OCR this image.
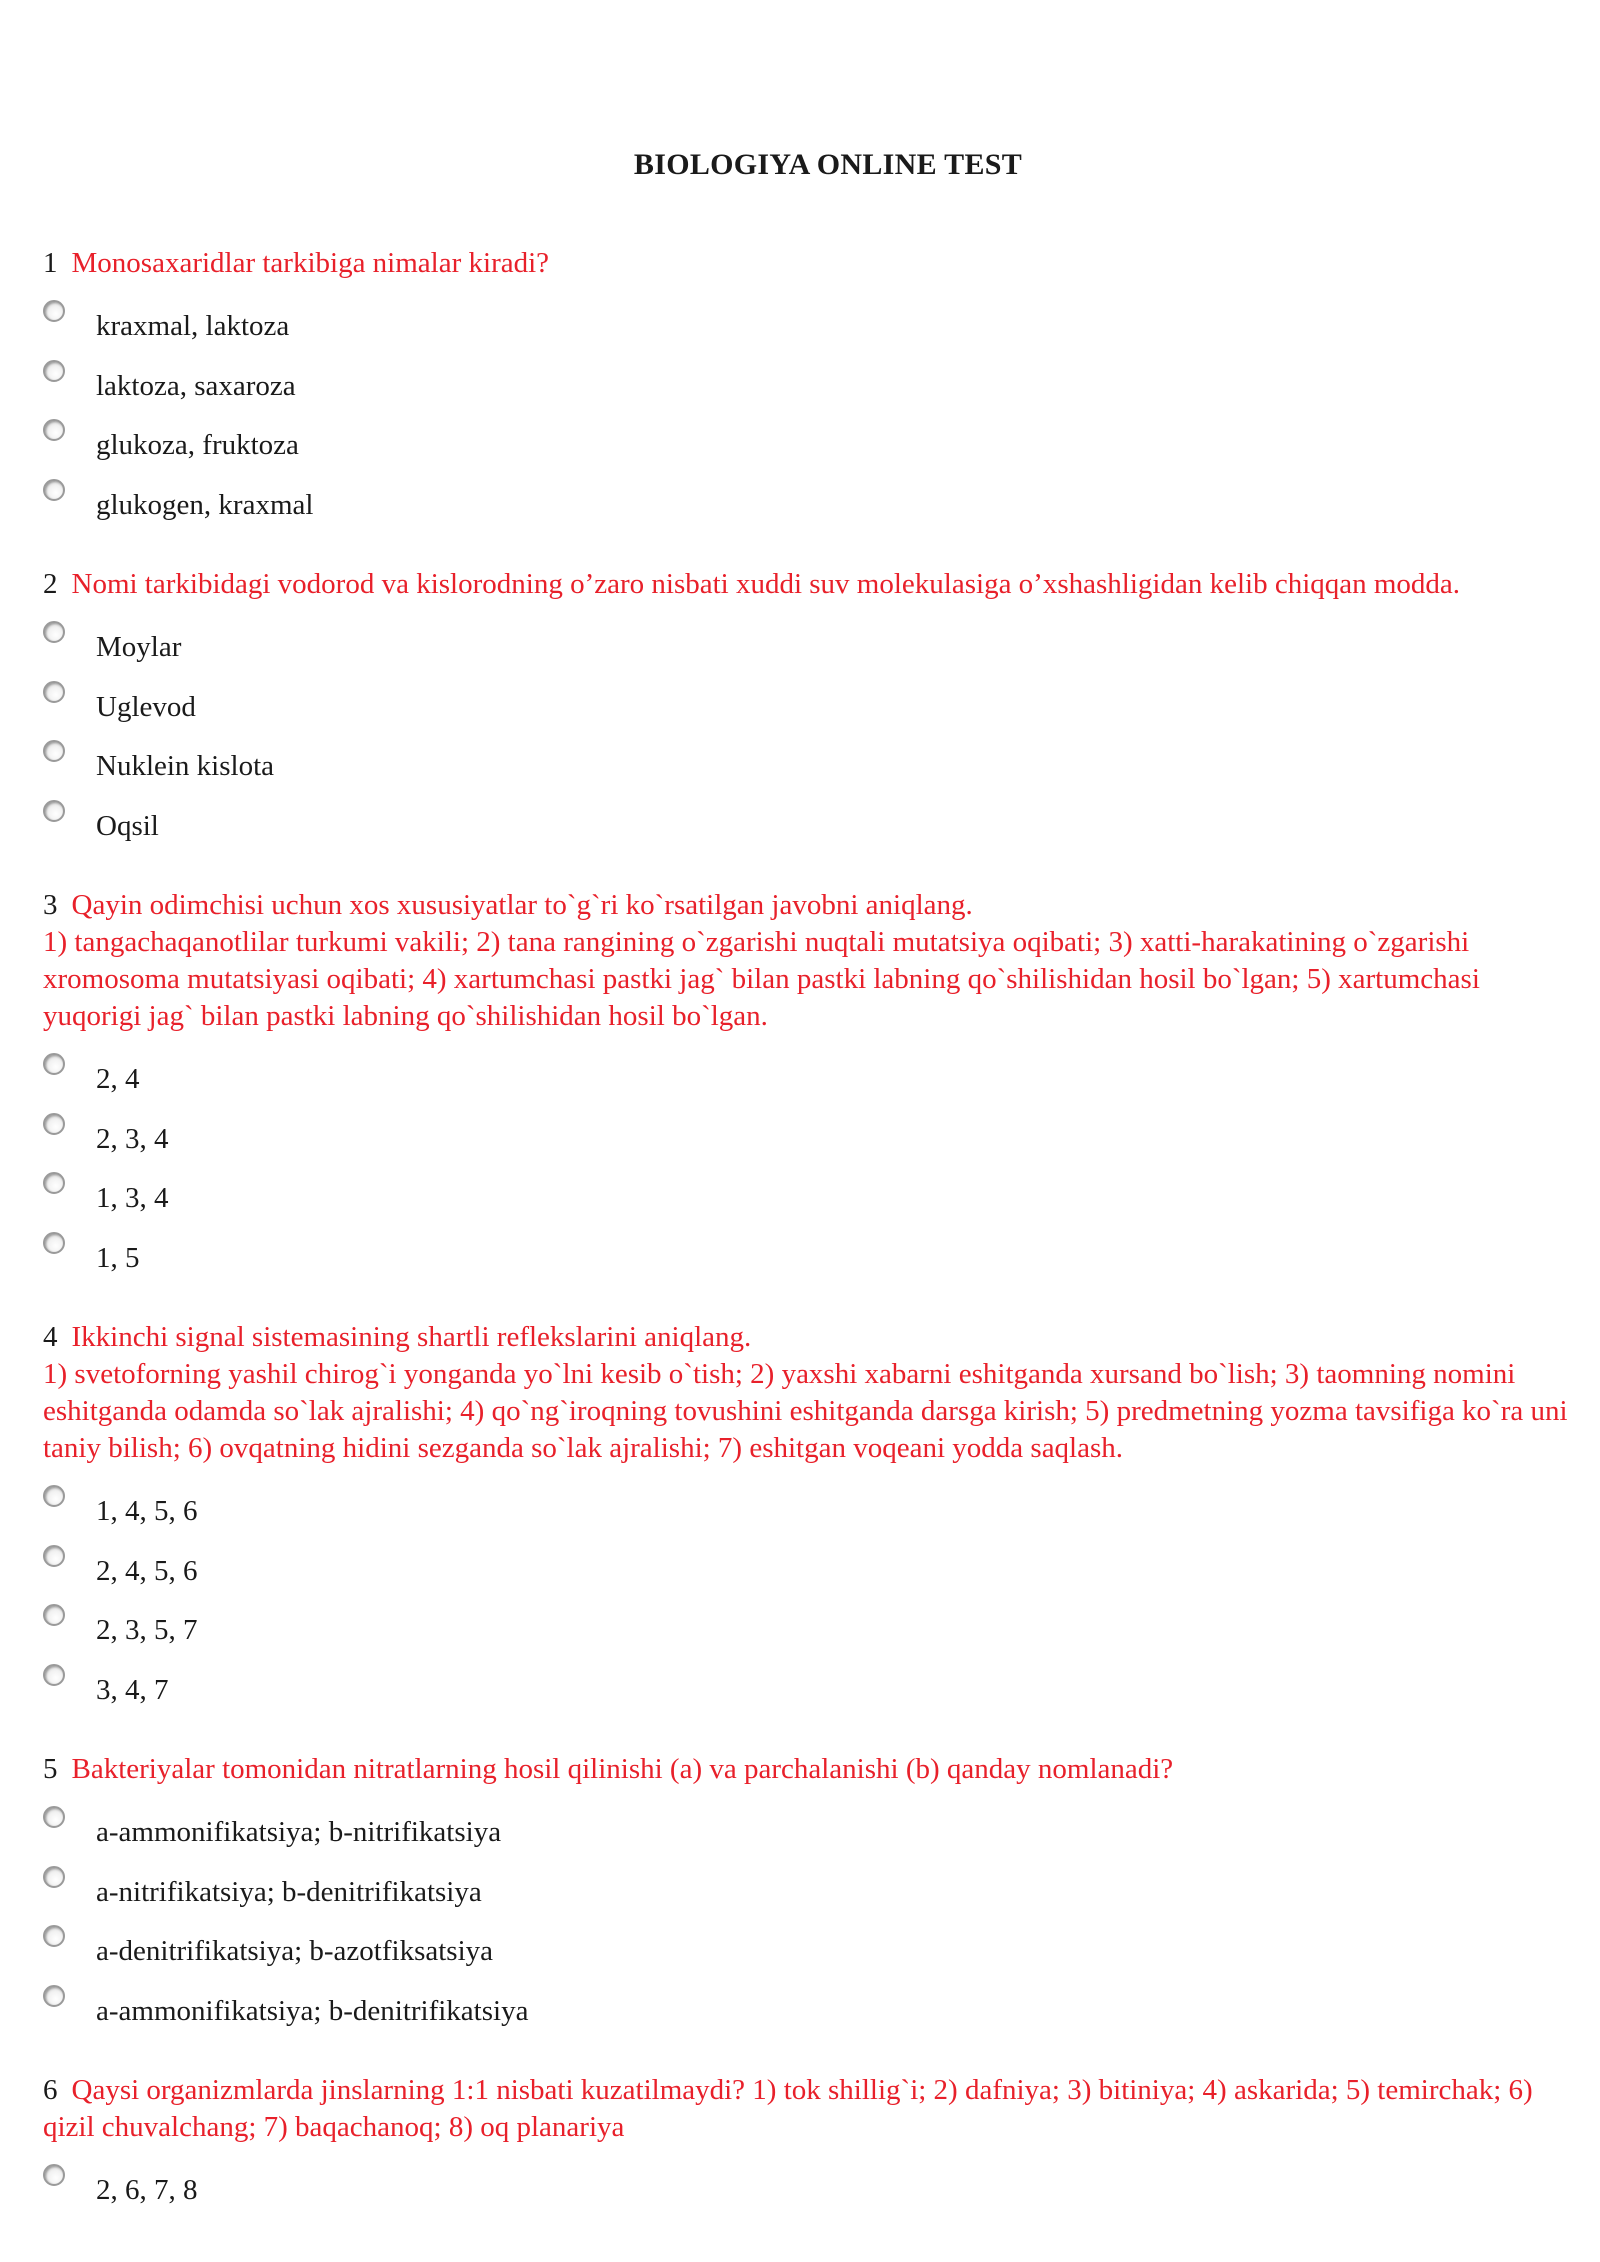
BIOLOGIYA ONLINE TEST
1 Monosaxaridlar tarkibiga nimalar kiradi?
kraxmal, laktoza
laktoza, saxaroza
glukoza, fruktoza
glukogen, kraxmal
2 Nomi tarkibidagi vodorod va kislorodning o’zaro nisbati xuddi suv molekulasiga o’xshashligidan kelib chiqqan modda.
Moylar
Uglevod
Nuklein kislota
Oqsil
3 Qayin odimchisi uchun xos xususiyatlar to`g`ri ko`rsatilgan javobni aniqlang.
1) tangachaqanotlilar turkumi vakili; 2) tana rangining o`zgarishi nuqtali mutatsiya oqibati; 3) xatti-harakatining o`zgarishi xromosoma mutatsiyasi oqibati; 4) xartumchasi pastki jag` bilan pastki labning qo`shilishidan hosil bo`lgan; 5) xartumchasi yuqorigi jag` bilan pastki labning qo`shilishidan hosil bo`lgan.
2, 4
2, 3, 4
1, 3, 4
1, 5
4 Ikkinchi signal sistemasining shartli reflekslarini aniqlang.
1) svetoforning yashil chirog`i yonganda yo`lni kesib o`tish; 2) yaxshi xabarni eshitganda xursand bo`lish; 3) taomning nomini eshitganda odamda so`lak ajralishi; 4) qo`ng`iroqning tovushini eshitganda darsga kirish; 5) predmetning yozma tavsifiga ko`ra uni taniy bilish; 6) ovqatning hidini sezganda so`lak ajralishi; 7) eshitgan voqeani yodda saqlash.
1, 4, 5, 6
2, 4, 5, 6
2, 3, 5, 7
3, 4, 7
5 Bakteriyalar tomonidan nitratlarning hosil qilinishi (a) va parchalanishi (b) qanday nomlanadi?
a-ammonifikatsiya; b-nitrifikatsiya
a-nitrifikatsiya; b-denitrifikatsiya
a-denitrifikatsiya; b-azotfiksatsiya
a-ammonifikatsiya; b-denitrifikatsiya
6 Qaysi organizmlarda jinslarning 1:1 nisbati kuzatilmaydi? 1) tok shillig`i; 2) dafniya; 3) bitiniya; 4) askarida; 5) temirchak; 6) qizil chuvalchang; 7) baqachanoq; 8) oq planariya
2, 6, 7, 8
